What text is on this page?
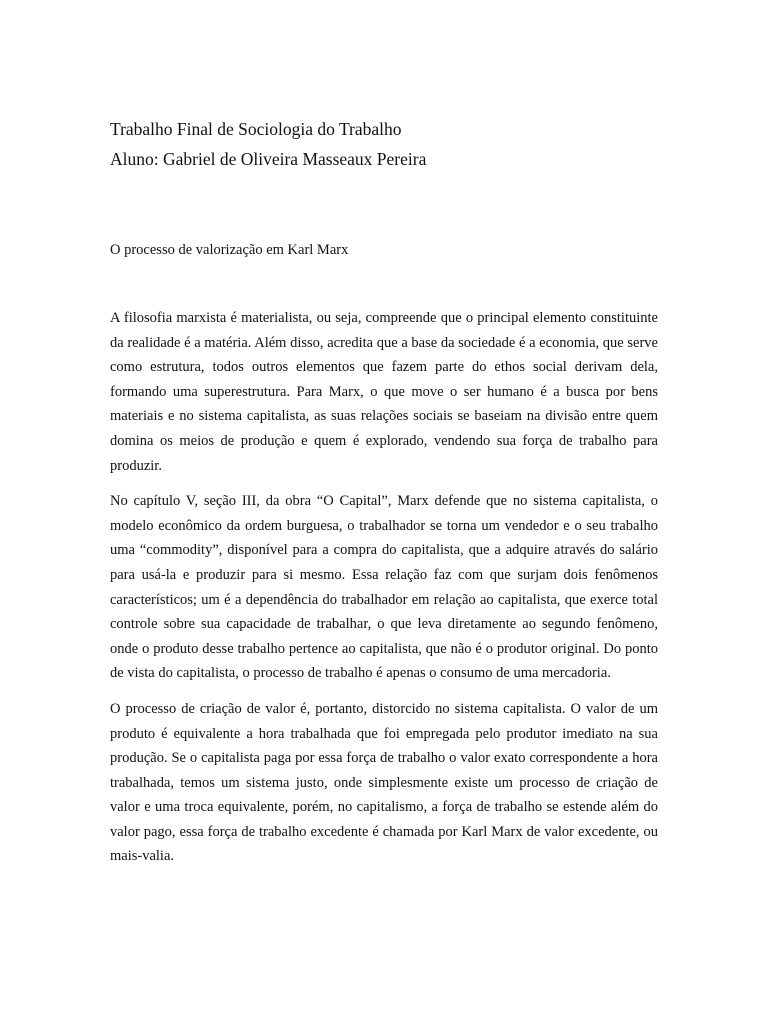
Trabalho Final de Sociologia do Trabalho
Aluno: Gabriel de Oliveira Masseaux Pereira
O processo de valorização em Karl Marx

A filosofia marxista é materialista, ou seja, compreende que o principal elemento constituinte da realidade é a matéria. Além disso, acredita que a base da sociedade é a economia, que serve como estrutura, todos outros elementos que fazem parte do ethos social derivam dela, formando uma superestrutura. Para Marx, o que move o ser humano é a busca por bens materiais e no sistema capitalista, as suas relações sociais se baseiam na divisão entre quem domina os meios de produção e quem é explorado, vendendo sua força de trabalho para produzir.

No capítulo V, seção III, da obra “O Capital”, Marx defende que no sistema capitalista, o modelo econômico da ordem burguesa, o trabalhador se torna um vendedor e o seu trabalho uma “commodity”, disponível para a compra do capitalista, que a adquire através do salário para usá-la e produzir para si mesmo. Essa relação faz com que surjam dois fenômenos característicos; um é a dependência do trabalhador em relação ao capitalista, que exerce total controle sobre sua capacidade de trabalhar, o que leva diretamente ao segundo fenômeno, onde o produto desse trabalho pertence ao capitalista, que não é o produtor original. Do ponto de vista do capitalista, o processo de trabalho é apenas o consumo de uma mercadoria.

O processo de criação de valor é, portanto, distorcido no sistema capitalista. O valor de um produto é equivalente a hora trabalhada que foi empregada pelo produtor imediato na sua produção. Se o capitalista paga por essa força de trabalho o valor exato correspondente a hora trabalhada, temos um sistema justo, onde simplesmente existe um processo de criação de valor e uma troca equivalente, porém, no capitalismo, a força de trabalho se estende além do valor pago, essa força de trabalho excedente é chamada por Karl Marx de valor excedente, ou mais-valia.
